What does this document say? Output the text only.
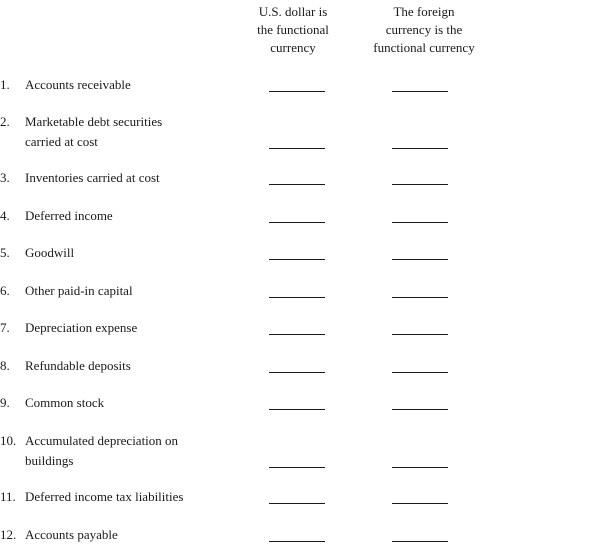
U.S. dollar is
the functional
currency
The foreign
currency is the
functional currency
1. Accounts receivable
2. Marketable debt securities
carried at cost
3. Inventories carried at cost
4. Deferred income
5. Goodwill
6. Other paid-in capital
7. Depreciation expense
8. Refundable deposits
9. Common stock
10. Accumulated depreciation on
buildings
11. Deferred income tax liabilities
12. Accounts payable
